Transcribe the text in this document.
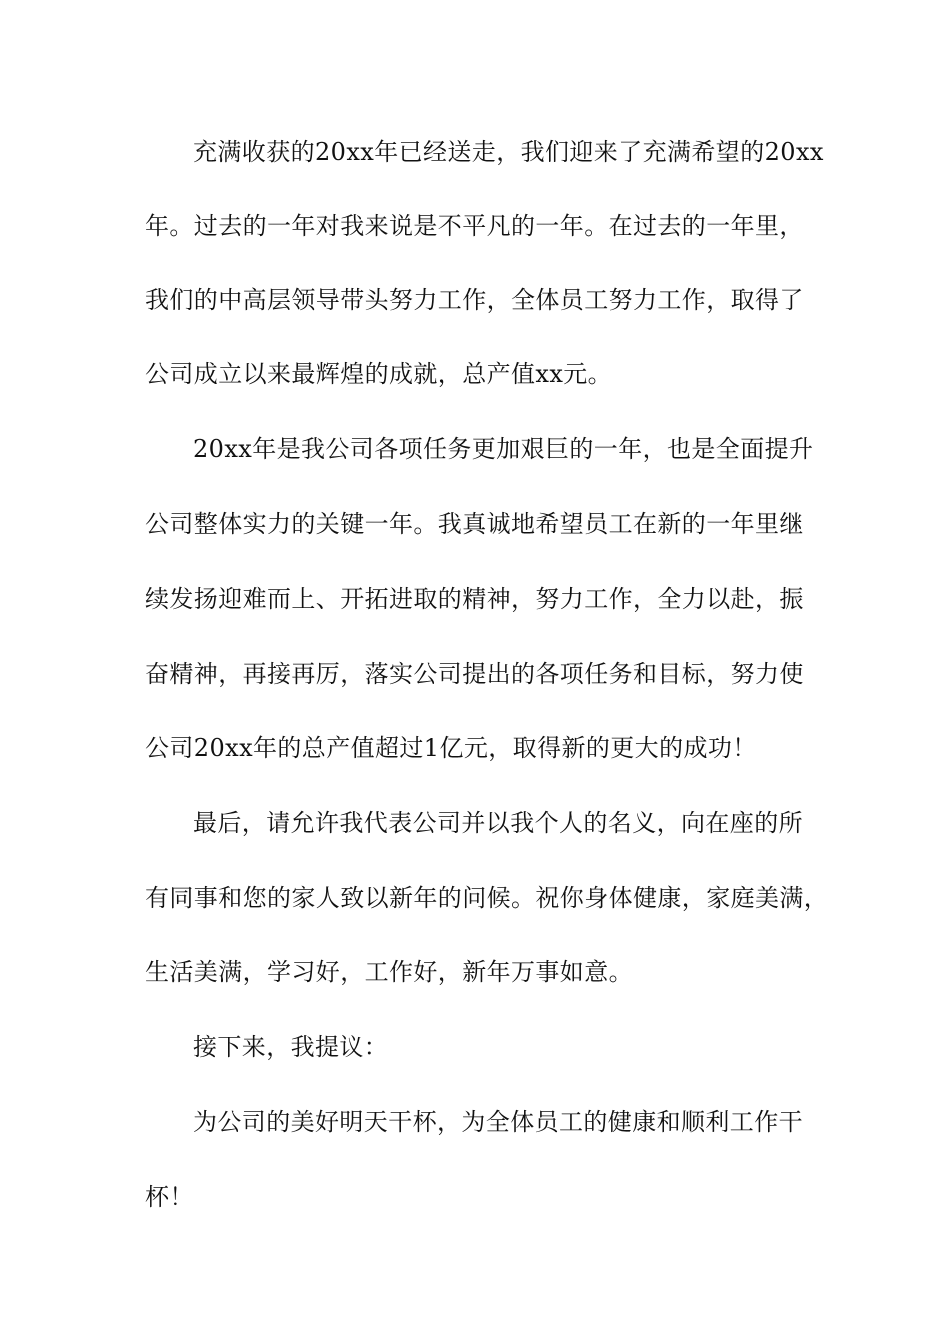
充满收获的20xx年已经送走，我们迎来了充满希望的20xx
年。过去的一年对我来说是不平凡的一年。在过去的一年里，
我们的中高层领导带头努力工作，全体员工努力工作，取得了
公司成立以来最辉煌的成就，总产值xx元。
20xx年是我公司各项任务更加艰巨的一年，也是全面提升
公司整体实力的关键一年。我真诚地希望员工在新的一年里继
续发扬迎难而上、开拓进取的精神，努力工作，全力以赴，振
奋精神，再接再厉，落实公司提出的各项任务和目标，努力使
公司20xx年的总产值超过1亿元，取得新的更大的成功！
最后，请允许我代表公司并以我个人的名义，向在座的所
有同事和您的家人致以新年的问候。祝你身体健康，家庭美满，
生活美满，学习好，工作好，新年万事如意。
接下来，我提议：
为公司的美好明天干杯，为全体员工的健康和顺利工作干
杯！
